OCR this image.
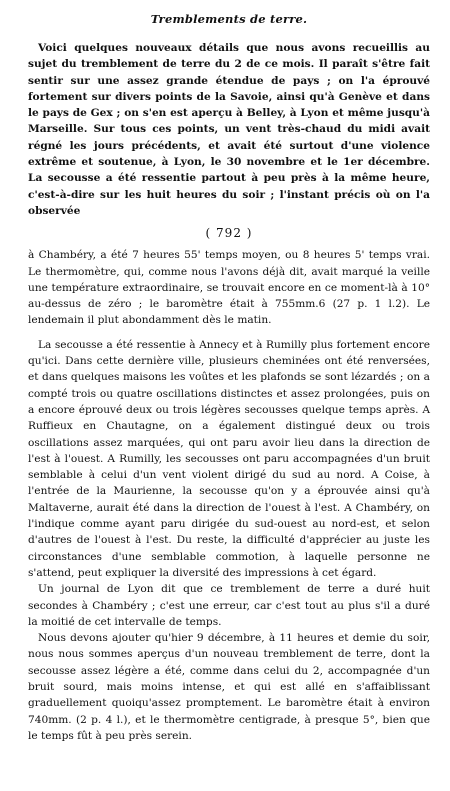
Tremblements de terre.

Voici quelques nouveaux détails que nous avons recueillis au sujet du tremblement de terre du 2 de ce mois. Il paraît s'être fait sentir sur une assez grande étendue de pays ; on l'a éprouvé fortement sur divers points de la Savoie, ainsi qu'à Genève et dans le pays de Gex ; on s'en est aperçu à Belley, à Lyon et même jusqu'à Marseille. Sur tous ces points, un vent très-chaud du midi avait régné les jours précédents, et avait été surtout d'une violence extrême et soutenue, à Lyon, le 30 novembre et le 1er décembre. La secousse a été ressentie partout à peu près à la même heure, c'est-à-dire sur les huit heures du soir ; l'instant précis où on l'a observée

( 792 )

à Chambéry, a été 7 heures 55' temps moyen, ou 8 heures 5' temps vrai. Le thermomètre, qui, comme nous l'avons déjà dit, avait marqué la veille une température extraordinaire, se trouvait encore en ce moment-là à 10° au-dessus de zéro ; le baromètre était à 755mm.6 (27 p. 1 l.2). Le lendemain il plut abondamment dès le matin.

La secousse a été ressentie à Annecy et à Rumilly plus fortement encore qu'ici. Dans cette dernière ville, plusieurs cheminées ont été renversées, et dans quelques maisons les voûtes et les plafonds se sont lézardés ; on a compté trois ou quatre oscillations distinctes et assez prolongées, puis on a encore éprouvé deux ou trois légères secousses quelque temps après. A Ruffieux en Chautagne, on a également distingué deux ou trois oscillations assez marquées, qui ont paru avoir lieu dans la direction de l'est à l'ouest. A Rumilly, les secousses ont paru accompagnées d'un bruit semblable à celui d'un vent violent dirigé du sud au nord. A Coise, à l'entrée de la Maurienne, la secousse qu'on y a éprouvée ainsi qu'à Maltaverne, aurait été dans la direction de l'ouest à l'est. A Chambéry, on l'indique comme ayant paru dirigée du sud-ouest au nord-est, et selon d'autres de l'ouest à l'est. Du reste, la difficulté d'apprécier au juste les circonstances d'une semblable commotion, à laquelle personne ne s'attend, peut expliquer la diversité des impressions à cet égard.

Un journal de Lyon dit que ce tremblement de terre a duré huit secondes à Chambéry ; c'est une erreur, car c'est tout au plus s'il a duré la moitié de cet intervalle de temps.

Nous devons ajouter qu'hier 9 décembre, à 11 heures et demie du soir, nous nous sommes aperçus d'un nouveau tremblement de terre, dont la secousse assez légère a été, comme dans celui du 2, accompagnée d'un bruit sourd, mais moins intense, et qui est allé en s'affaiblissant graduellement quoiqu'assez promptement. Le baromètre était à environ 740mm. (2 p. 4 l.), et le thermomètre centigrade, à presque 5°, bien que le temps fût à peu près serein.
